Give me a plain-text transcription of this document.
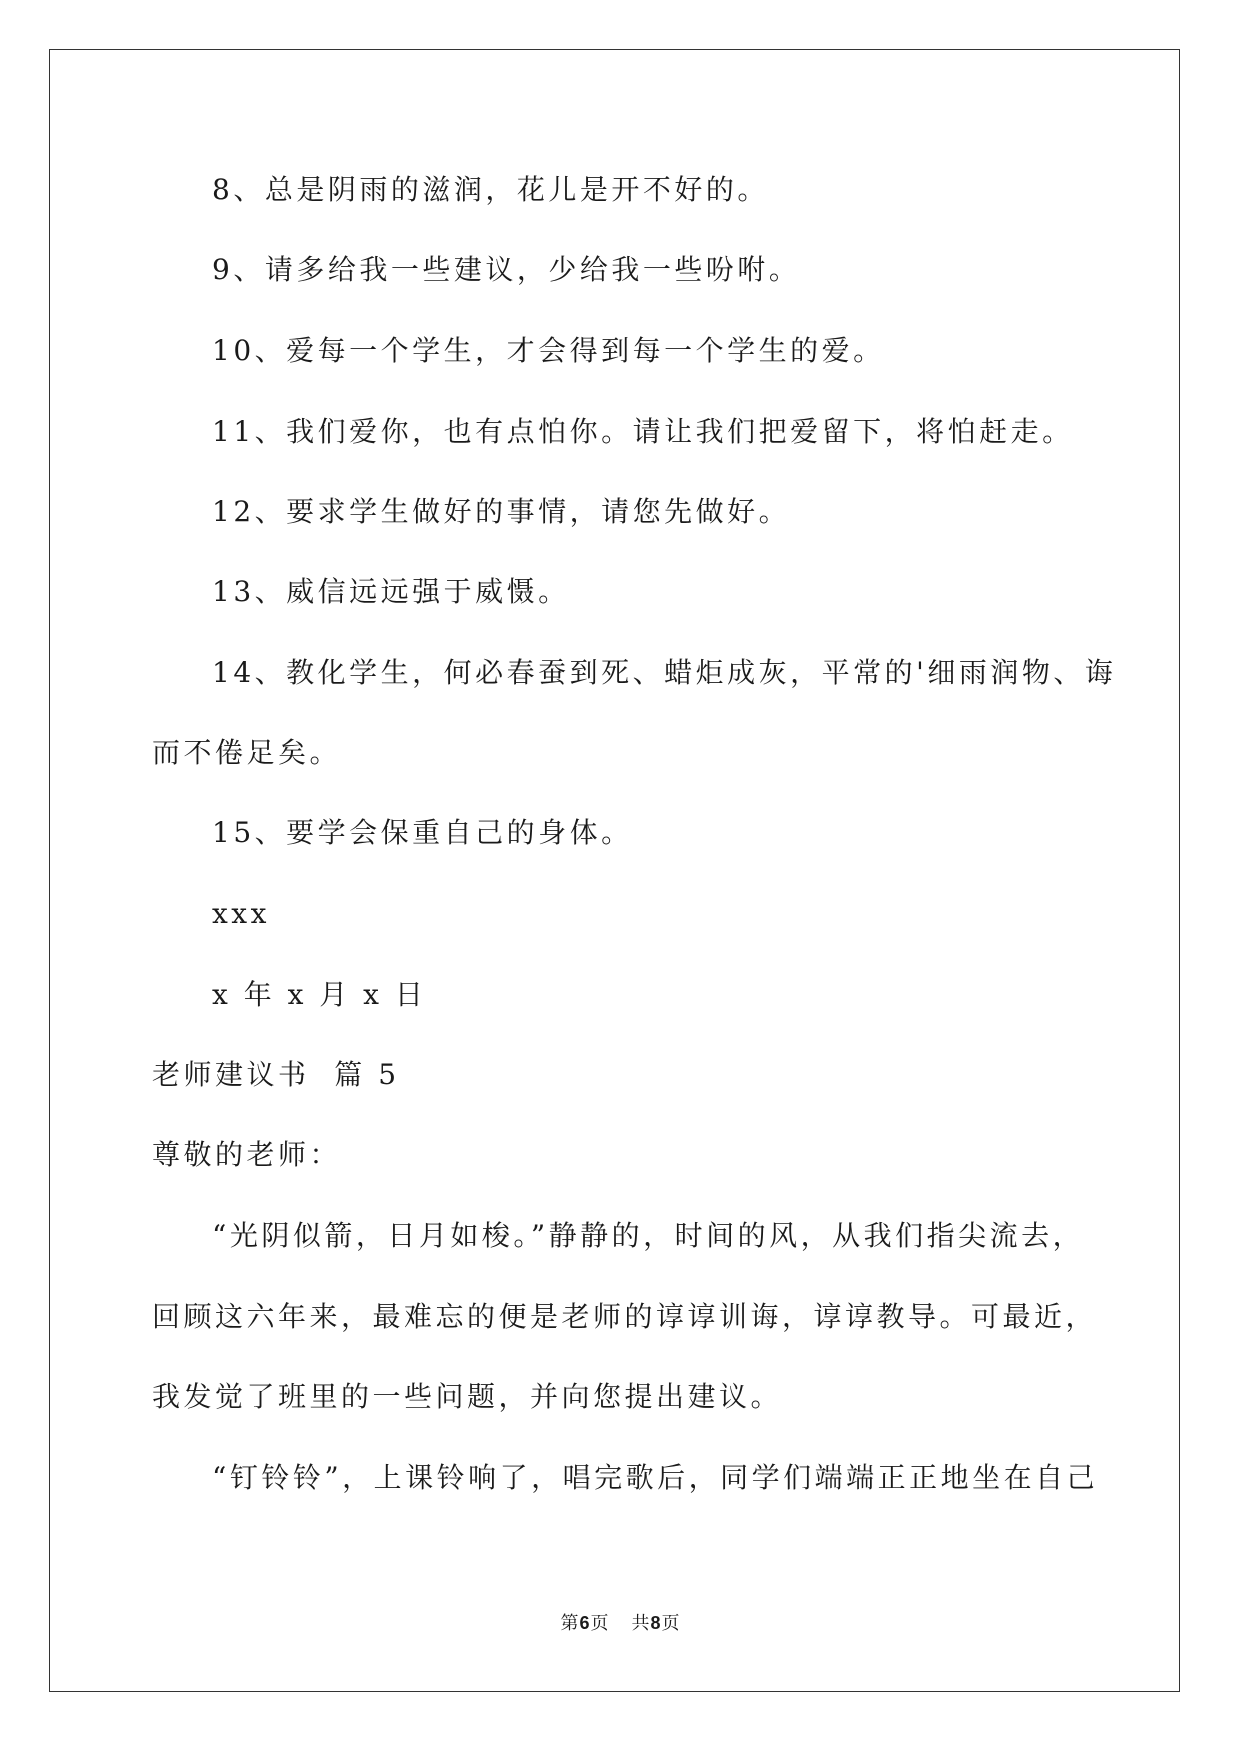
8、总是阴雨的滋润，花儿是开不好的。
9、请多给我一些建议，少给我一些吩咐。
10、爱每一个学生，才会得到每一个学生的爱。
11、我们爱你，也有点怕你。请让我们把爱留下，将怕赶走。
12、要求学生做好的事情，请您先做好。
13、威信远远强于威慑。
14、教化学生，何必春蚕到死、蜡炬成灰，平常的'细雨润物、诲
而不倦足矣。
15、要学会保重自己的身体。
xxx
x 年 x 月 x 日
老师建议书  篇 5
尊敬的老师：
“光阴似箭，日月如梭。”静静的，时间的风，从我们指尖流去，
回顾这六年来，最难忘的便是老师的谆谆训诲，谆谆教导。可最近，
我发觉了班里的一些问题，并向您提出建议。
“钉铃铃”，上课铃响了，唱完歌后，同学们端端正正地坐在自己
第6页 共8页
